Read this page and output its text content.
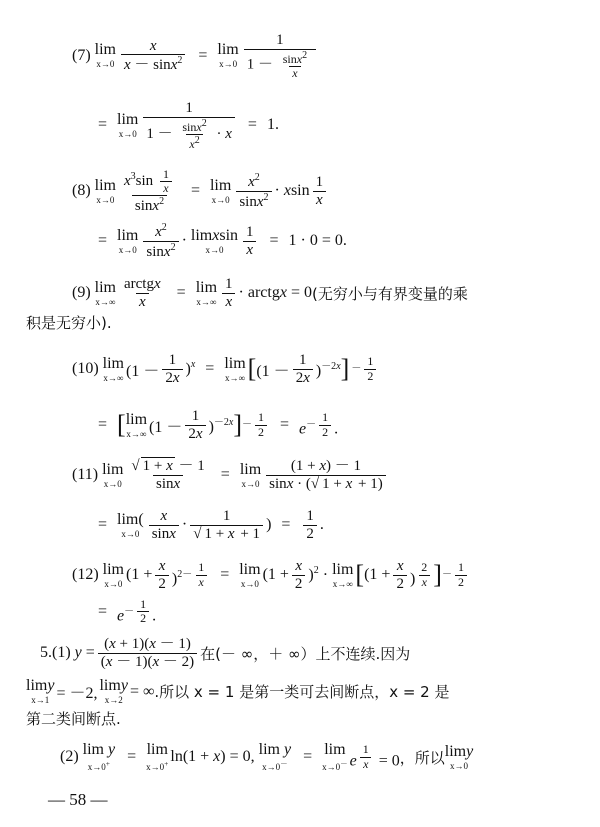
(7) lim
$x\to 0 \frac{x}{x - \sin x^2} = \lim$
$x\to 0 \frac{1}{1 - \frac{\sin x^2}{x}}$
= lim
$x\to 0 \frac{1}{1 - \frac{\sin x^2}{x^2} \cdot x} = 1$.
(8) lim
$x\to 0 \frac{x^3\sin \frac{1}{x}}{\sin x^2} = \lim$
$x\to 0 \frac{x^2}{\sin x^2} \cdot xsin \frac{1}{x}$
= lim
$x\to 0 \frac{x^2}{\sin x^2}$ · limxsin
$x\to 0 \frac{1}{x} = 1 \cdot 0 = 0$.
(9) lim
$x\to\infty \frac{\text{arctgx}}{x} = \lim$
$x\to\infty \frac{1}{x}$ · arctgx = 0 (无穷小与有界变量的乘
积是无穷小).
(10) lim
x→∞ $(1 - \frac{1}{2x} )^x = \lim$
x→∞ [ $(1 - \frac{1}{2x} )^{-2x}$ ] － $\frac{1}{2}$
= [ lim
x→∞ $(1 - \frac{1}{2x} )^{-2x}$ ] － $\frac{1}{2} = e^{- \frac{1}{2}}$ .
(11) lim
$x\to 0 \frac{√ 1 + x - 1}{\sin x} = \lim$
$x\to 0 \frac{(1 + x) - 1}{\sin x \cdot (√ 1 + x + 1)}$
= lim(
$x\to 0 \frac{x}{\sin x} \cdot \frac{1}{√ 1 + x + 1}$ ) = $\frac{1}{2}$ .
(12) lim
x→0
$(1 + \frac{x}{2} )^{2- \frac{1}{x}} = \lim$
x→0
$(1 + \frac{x}{2} )^2 \cdot \lim$
x→∞ [ ($1 + \frac{x}{2}$ ) $^{\frac{2}{x}}$ ] － $\frac{1}{2}$
= $e^{- \frac{1}{2}}$ .
5.(1) $y = \frac{(x + 1)(x - 1)}{(x - 1)(x - 2)}$ 在(－ ∞，＋ ∞）上不连续.因为
limy
x→1 = －2, limy
x→2
= ∞ .所以 x = 1 是第一类可去间断点，x = 2 是
第二类间断点.
(2) lim y
x→0+ = lim
x→0+ ln(1 + x) = 0, lim y
x→0－ = lim
x→0－ e $^{\frac{1}{x}}$ = 0 ，所以 limy
x→0
— 58 —
